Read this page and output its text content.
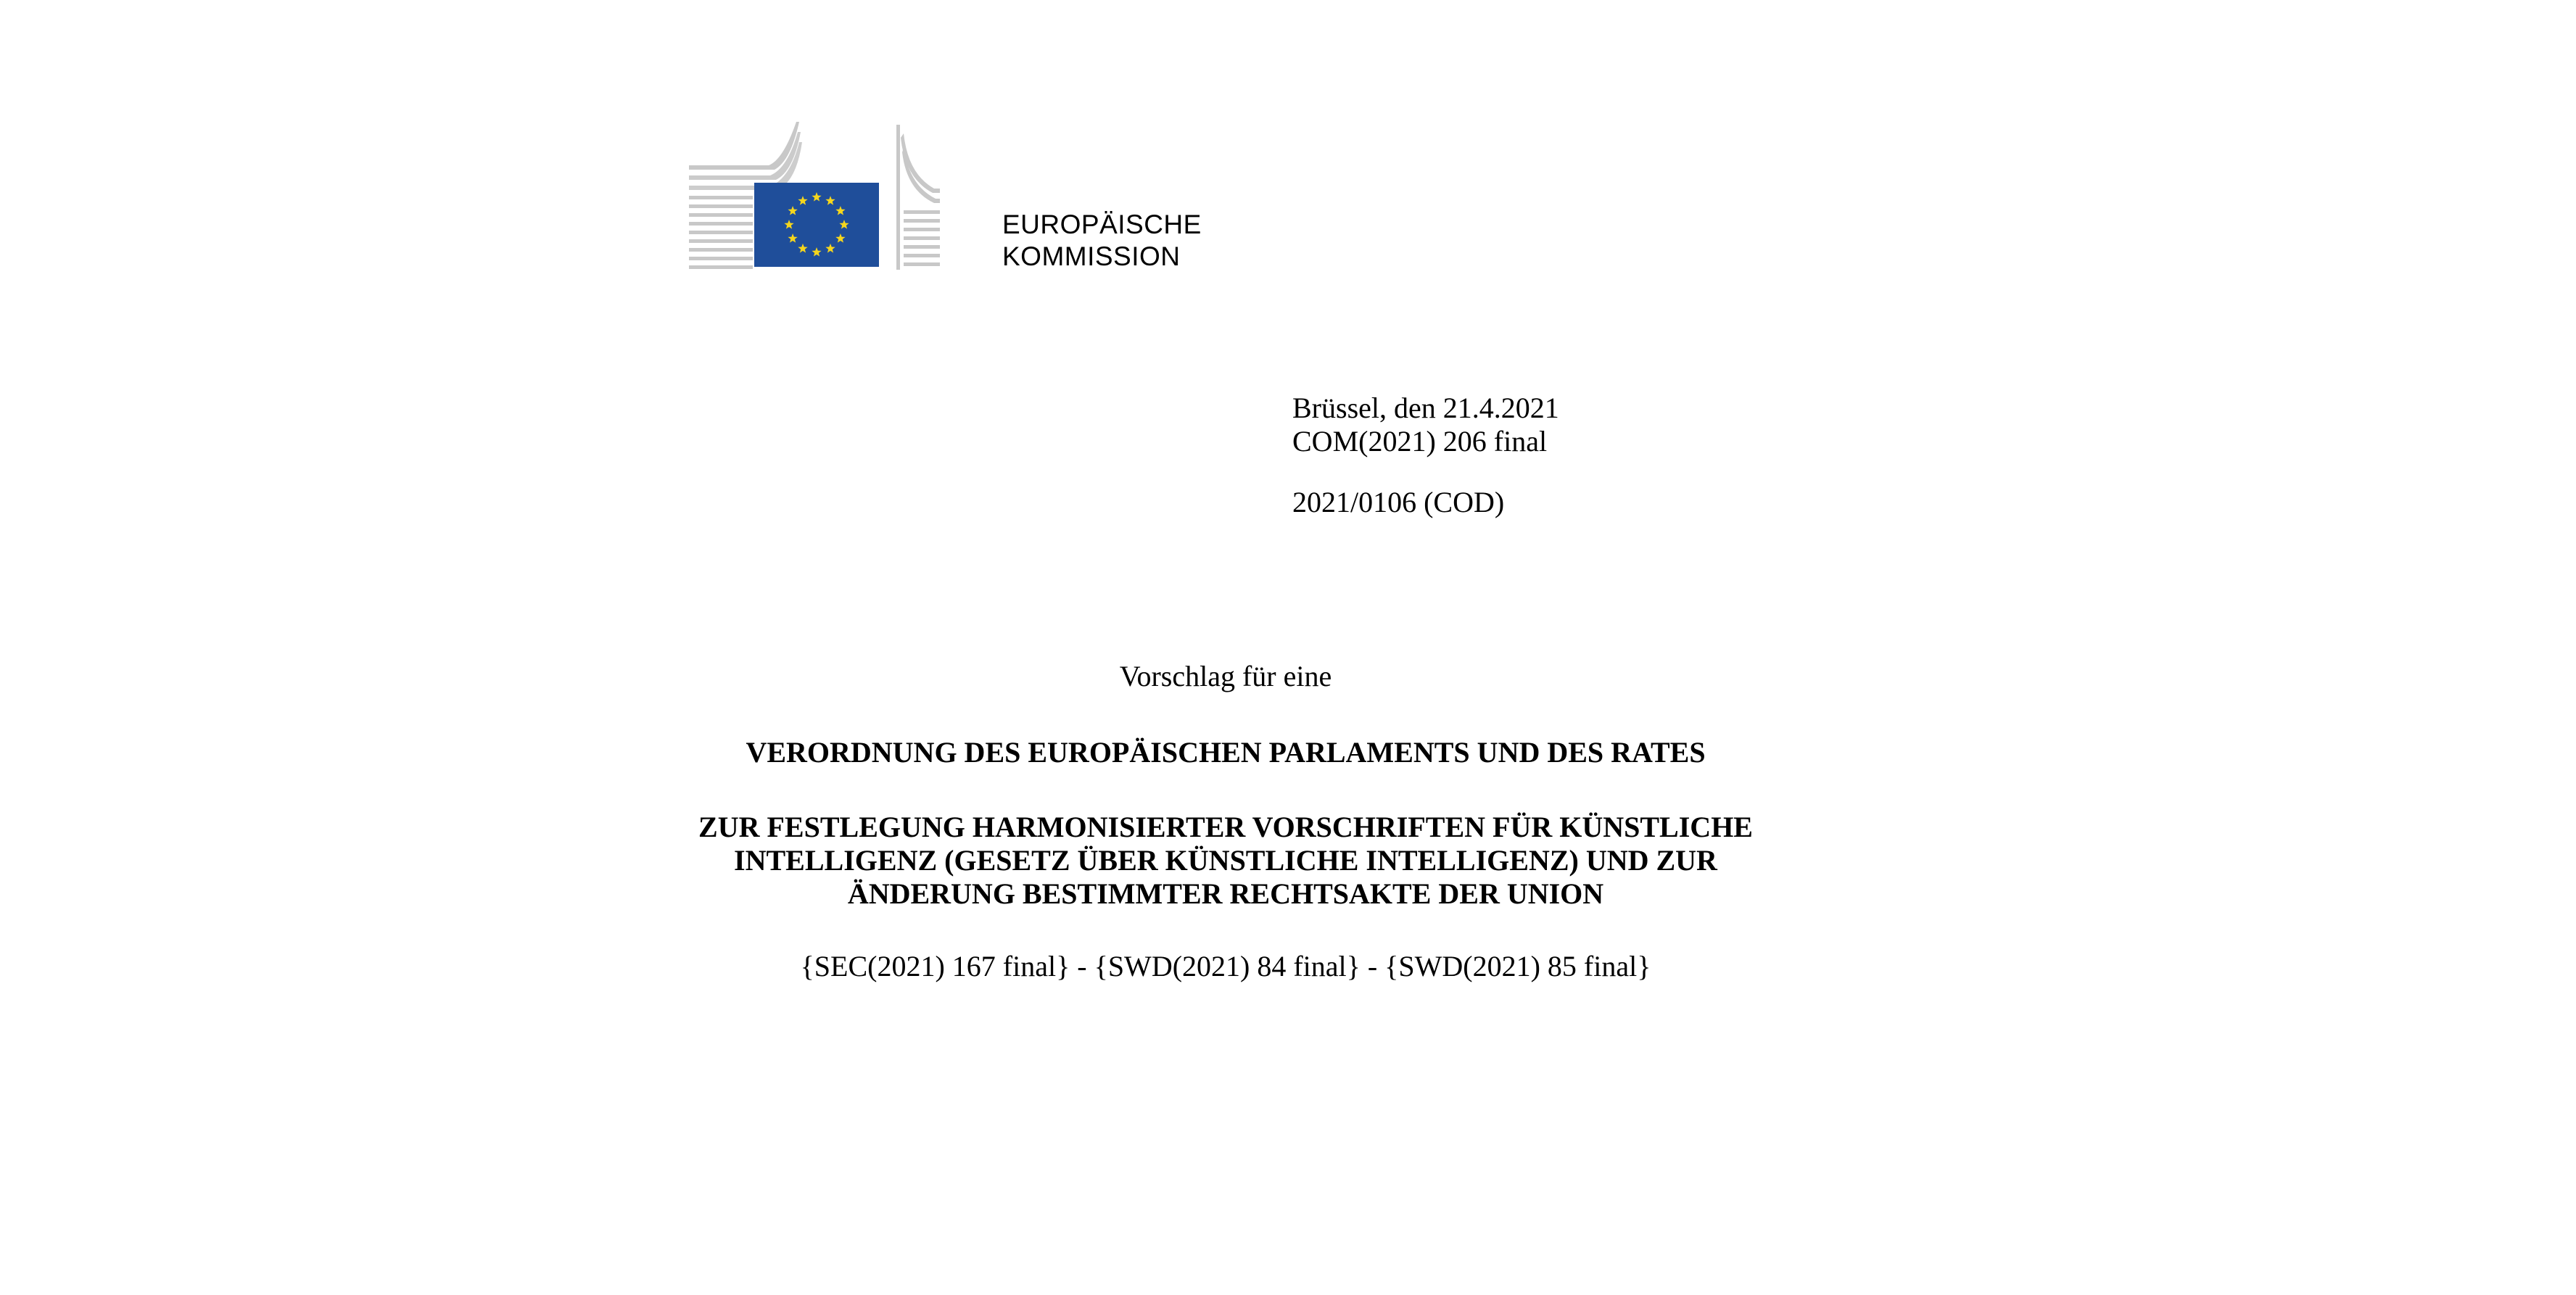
EUROPÄISCHE
KOMMISSION
Brüssel, den 21.4.2021
COM(2021) 206 final
2021/0106 (COD)
Vorschlag für eine
VERORDNUNG DES EUROPÄISCHEN PARLAMENTS UND DES RATES
ZUR FESTLEGUNG HARMONISIERTER VORSCHRIFTEN FÜR KÜNSTLICHE
INTELLIGENZ (GESETZ ÜBER KÜNSTLICHE INTELLIGENZ) UND ZUR
ÄNDERUNG BESTIMMTER RECHTSAKTE DER UNION
{SEC(2021) 167 final} - {SWD(2021) 84 final} - {SWD(2021) 85 final}
